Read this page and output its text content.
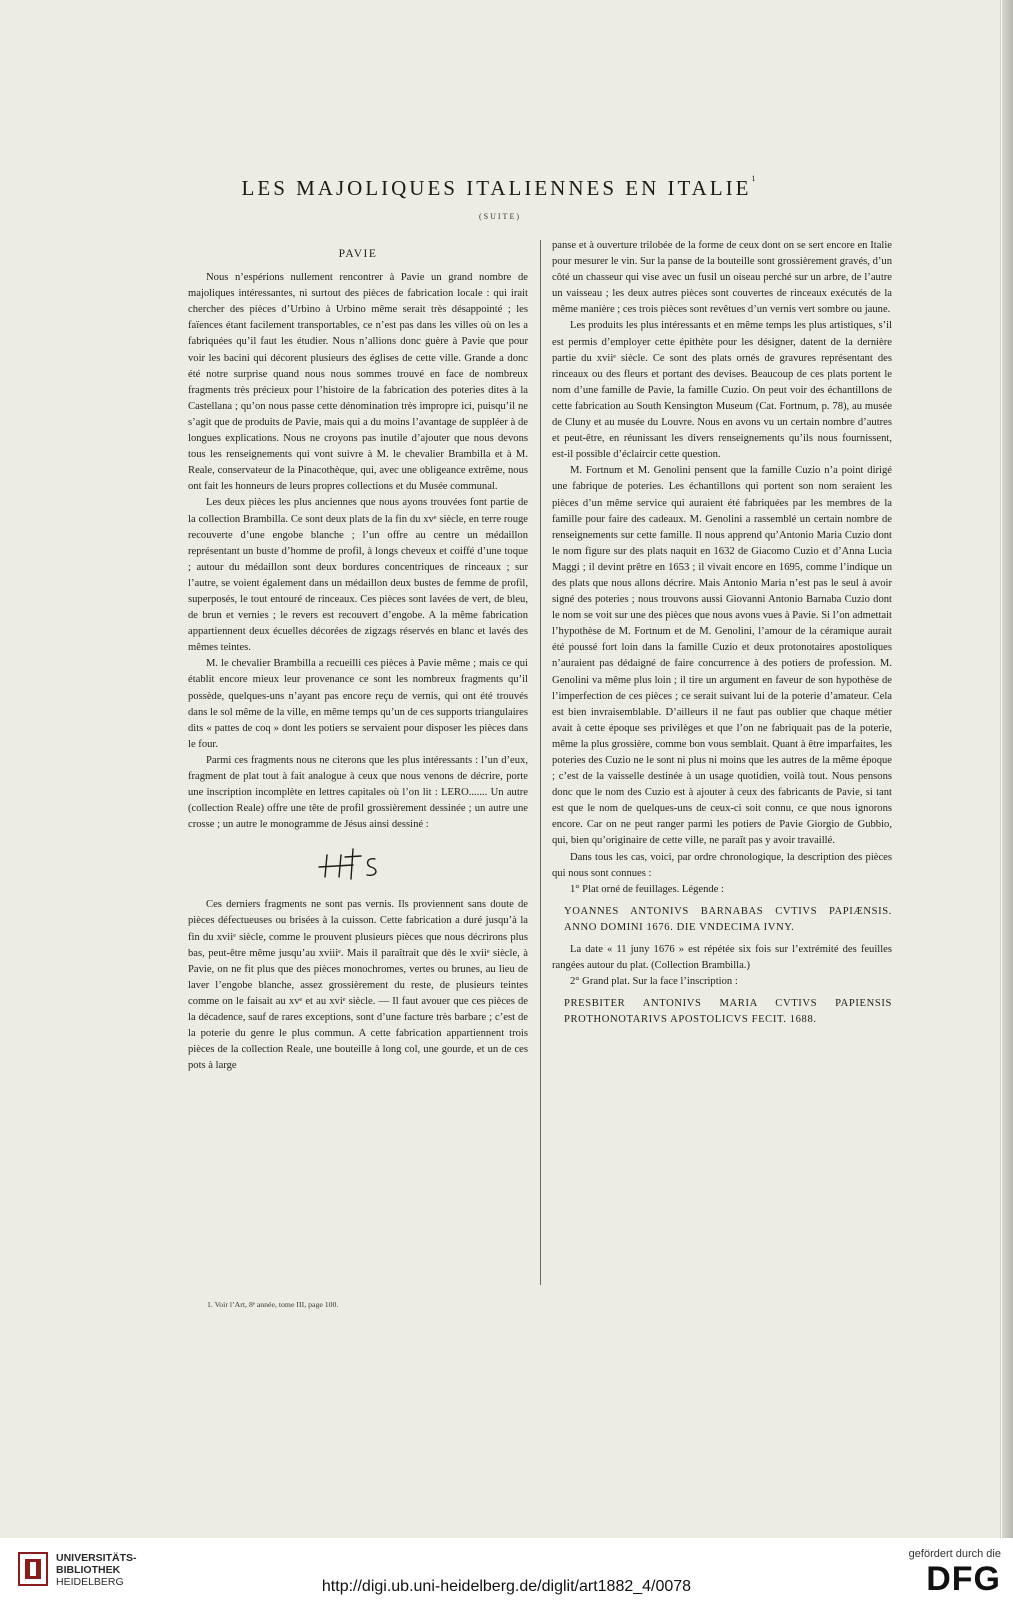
LES MAJOLIQUES ITALIENNES EN ITALIE$^1$
(SUITE)
PAVIE

Nous n’espérions nullement rencontrer à Pavie un grand nombre de majoliques intéressantes, ni surtout des pièces de fabrication locale : qui irait chercher des pièces d’Urbino à Urbino même serait très désappointé ; les faïences étant facilement transportables, ce n’est pas dans les villes où on les a fabriquées qu’il faut les étudier. Nous n’allions donc guère à Pavie que pour voir les bacini qui décorent plusieurs des églises de cette ville. Grande a donc été notre surprise quand nous nous sommes trouvé en face de nombreux fragments très précieux pour l’histoire de la fabrication des poteries dites à la Castellana ; qu’on nous passe cette dénomination très impropre ici, puisqu’il ne s’agit que de produits de Pavie, mais qui a du moins l’avantage de suppléer à de longues explications. Nous ne croyons pas inutile d’ajouter que nous devons tous les renseignements qui vont suivre à M. le chevalier Brambilla et à M. Reale, conservateur de la Pinacothèque, qui, avec une obligeance extrême, nous ont fait les honneurs de leurs propres collections et du Musée communal.

Les deux pièces les plus anciennes que nous ayons trouvées font partie de la collection Brambilla. Ce sont deux plats de la fin du xvᵉ siècle, en terre rouge recouverte d’une engobe blanche ; l’un offre au centre un médaillon représentant un buste d’homme de profil, à longs cheveux et coiffé d’une toque ; autour du médaillon sont deux bordures concentriques de rinceaux ; sur l’autre, se voient également dans un médaillon deux bustes de femme de profil, superposés, le tout entouré de rinceaux. Ces pièces sont lavées de vert, de bleu, de brun et vernies ; le revers est recouvert d’engobe. A la même fabrication appartiennent deux écuelles décorées de zigzags réservés en blanc et lavés des mêmes teintes.

M. le chevalier Brambilla a recueilli ces pièces à Pavie même ; mais ce qui établit encore mieux leur provenance ce sont les nombreux fragments qu’il possède, quelques-uns n’ayant pas encore reçu de vernis, qui ont été trouvés dans le sol même de la ville, en même temps qu’un de ces supports triangulaires dits « pattes de coq » dont les potiers se servaient pour disposer les pièces dans le four.

Parmi ces fragments nous ne citerons que les plus intéressants : l’un d’eux, fragment de plat tout à fait analogue à ceux que nous venons de décrire, porte une inscription incomplète en lettres capitales où l’on lit : LERO....... Un autre (collection Reale) offre une tête de profil grossièrement dessinée ; un autre une crosse ; un autre le monogramme de Jésus ainsi dessiné :

Ces derniers fragments ne sont pas vernis. Ils proviennent sans doute de pièces défectueuses ou brisées à la cuisson. Cette fabrication a duré jusqu’à la fin du xviiᵉ siècle, comme le prouvent plusieurs pièces que nous décrirons plus bas, peut-être même jusqu’au xviiiᵉ. Mais il paraîtrait que dès le xviiᵉ siècle, à Pavie, on ne fit plus que des pièces monochromes, vertes ou brunes, au lieu de laver l’engobe blanche, assez grossièrement du reste, de plusieurs teintes comme on le faisait au xvᵉ et au xviᵉ siècle. — Il faut avouer que ces pièces de la décadence, sauf de rares exceptions, sont d’une facture très barbare ; c’est de la poterie du genre le plus commun. A cette fabrication appartiennent trois pièces de la collection Reale, une bouteille à long col, une gourde, et un de ces pots à large

panse et à ouverture trilobée de la forme de ceux dont on se sert encore en Italie pour mesurer le vin. Sur la panse de la bouteille sont grossièrement gravés, d’un côté un chasseur qui vise avec un fusil un oiseau perché sur un arbre, de l’autre un vaisseau ; les deux autres pièces sont couvertes de rinceaux exécutés de la même manière ; ces trois pièces sont revêtues d’un vernis vert sombre ou jaune.

Les produits les plus intéressants et en même temps les plus artistiques, s’il est permis d’employer cette épithète pour les désigner, datent de la dernière partie du xviiᵉ siècle. Ce sont des plats ornés de gravures représentant des rinceaux ou des fleurs et portant des devises. Beaucoup de ces plats portent le nom d’une famille de Pavie, la famille Cuzio. On peut voir des échantillons de cette fabrication au South Kensington Museum (Cat. Fortnum, p. 78), au musée de Cluny et au musée du Louvre. Nous en avons vu un certain nombre d’autres et peut-être, en réunissant les divers renseignements qu’ils nous fournissent, est-il possible d’éclaircir cette question.

M. Fortnum et M. Genolini pensent que la famille Cuzio n’a point dirigé une fabrique de poteries. Les échantillons qui portent son nom seraient les pièces d’un même service qui auraient été fabriquées par les membres de la famille pour faire des cadeaux. M. Genolini a rassemblé un certain nombre de renseignements sur cette famille. Il nous apprend qu’Antonio Maria Cuzio dont le nom figure sur des plats naquit en 1632 de Giacomo Cuzio et d’Anna Lucia Maggi ; il devint prêtre en 1653 ; il vivait encore en 1695, comme l’indique un des plats que nous allons décrire. Mais Antonio Maria n’est pas le seul à avoir signé des poteries ; nous trouvons aussi Giovanni Antonio Barnaba Cuzio dont le nom se voit sur une des pièces que nous avons vues à Pavie. Si l’on admettait l’hypothèse de M. Fortnum et de M. Genolini, l’amour de la céramique aurait été poussé fort loin dans la famille Cuzio et deux protonotaires apostoliques n’auraient pas dédaigné de faire concurrence à des potiers de profession. M. Genolini va même plus loin ; il tire un argument en faveur de son hypothèse de l’imperfection de ces pièces ; ce serait suivant lui de la poterie d’amateur. Cela est bien invraisemblable. D’ailleurs il ne faut pas oublier que chaque métier avait à cette époque ses privilèges et que l’on ne fabriquait pas de la poterie, même la plus grossière, comme bon vous semblait. Quant à être imparfaites, les poteries des Cuzio ne le sont ni plus ni moins que les autres de la même époque ; c’est de la vaisselle destinée à un usage quotidien, voilà tout. Nous pensons donc que le nom des Cuzio est à ajouter à ceux des fabricants de Pavie, si tant est que le nom de quelques-uns de ceux-ci soit connu, ce que nous ignorons encore. Car on ne peut ranger parmi les potiers de Pavie Giorgio de Gubbio, qui, bien qu’originaire de cette ville, ne paraît pas y avoir travaillé.

Dans tous les cas, voici, par ordre chronologique, la description des pièces qui nous sont connues :

1° Plat orné de feuillages. Légende :

YOANNES ANTONIVS BARNABAS CVTIVS PAPIÆNSIS. ANNO DOMINI 1676. DIE VNDECIMA IVNY.

La date « 11 juny 1676 » est répétée six fois sur l’extrémité des feuilles rangées autour du plat. (Collection Brambilla.)

2° Grand plat. Sur la face l’inscription :

PRESBITER ANTONIVS MARIA CVTIVS PAPIENSIS PROTHONOTARIVS APOSTOLICVS FECIT. 1688.

1. Voir l’Art, 8ᵉ année, tome III, page 100.
UNIVERSITÄTS-
BIBLIOTHEK
HEIDELBERG	http://digi.ub.uni-heidelberg.de/diglit/art1882_4/0078
gefördert durch die
DFG
